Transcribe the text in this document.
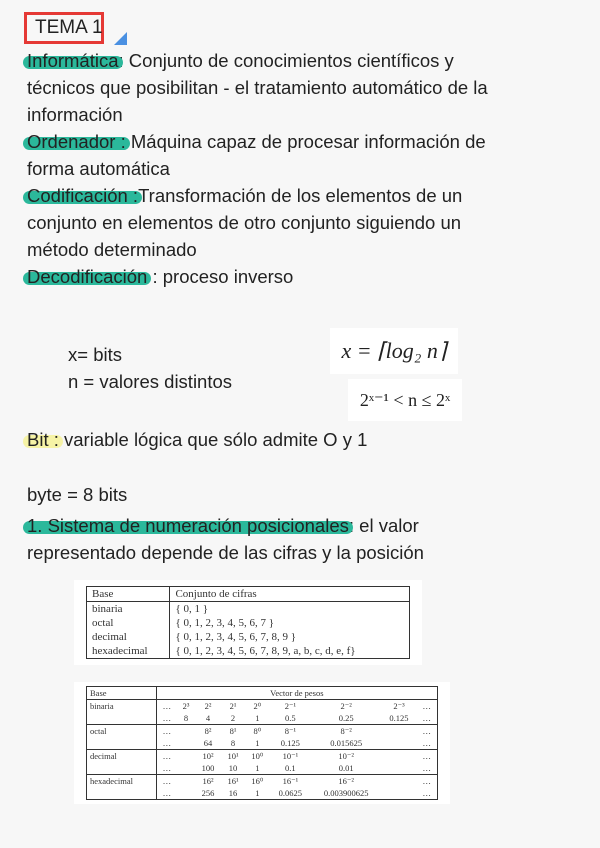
TEMA 1
Informática: Conjunto de conocimientos científicos y
técnicos que posibilitan - el tratamiento automático de la
información
Ordenador : Máquina capaz de procesar información de
forma automática
Codificación :Transformación de los elementos de un
conjunto en elementos de otro conjunto siguiendo un
método determinado
Decodificación : proceso inverso
x= bits
n = valores distintos
x = ⌈log₂ n⌉
2ˣ⁻¹ < n ≤ 2ˣ
Bit : variable lógica que sólo admite O y 1
byte = 8 bits
1. Sistema de numeración posicionales: el valor
representado depende de las cifras y la posición
Base	Conjunto de cifras
binaria	{ 0, 1 }
octal	{ 0, 1, 2, 3, 4, 5, 6, 7 }
decimal	{ 0, 1, 2, 3, 4, 5, 6, 7, 8, 9 }
hexadecimal	{ 0, 1, 2, 3, 4, 5, 6, 7, 8, 9, a, b, c, d, e, f}
Base	Vector de pesos								
binaria	…	2³	2²	2¹	2⁰	2⁻¹	2⁻²	2⁻³	…
	…	8	4	2	1	0.5	0.25	0.125	…
octal	…		8²	8¹	8⁰	8⁻¹	8⁻²		…
	…		64	8	1	0.125	0.015625		…
decimal	…		10²	10¹	10⁰	10⁻¹	10⁻²		…
	…		100	10	1	0.1	0.01		…
hexadecimal	…		16²	16¹	16⁰	16⁻¹	16⁻²		…
	…		256	16	1	0.0625	0.003900625		…
